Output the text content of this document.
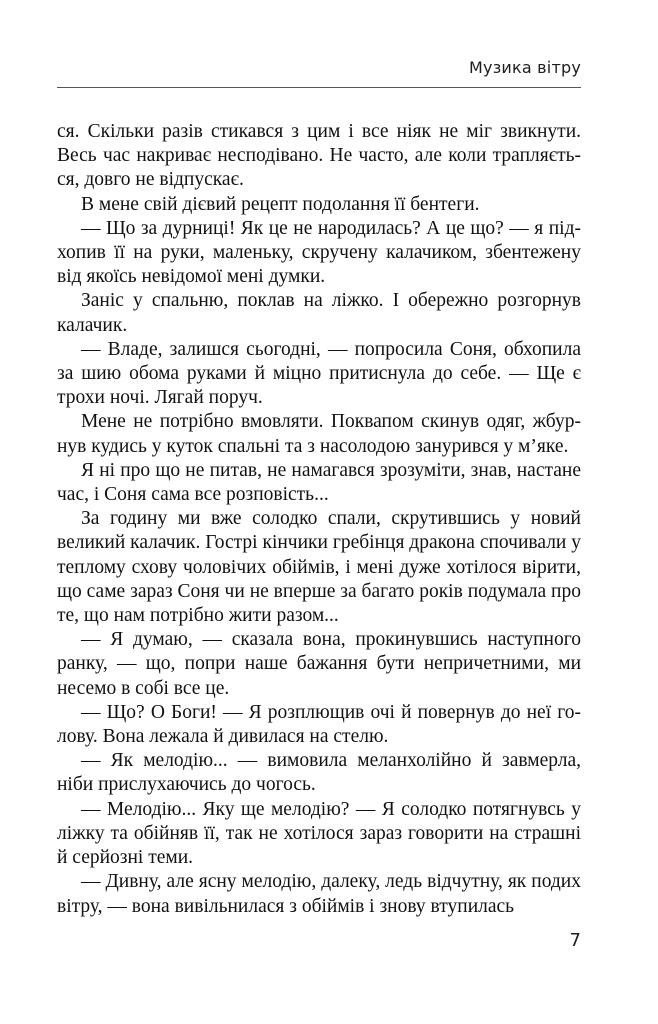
Музика вітру

ся. Скільки разів стикався з цим і все ніяк не міг звикнути. Весь час накриває несподівано. Не часто, але коли трапляється, довго не відпускає.

В мене свій дієвий рецепт подолання її бентеги.

— Що за дурниці! Як це не народилась? А це що? — я підхопив її на руки, маленьку, скручену калачиком, збентежену від якоїсь невідомої мені думки.

Заніс у спальню, поклав на ліжко. І обережно розгорнув калачик.

— Владе, залишся сьогодні, — попросила Соня, обхопила за шию обома руками й міцно притиснула до себе. — Ще є трохи ночі. Лягай поруч.

Мене не потрібно вмовляти. Поквапом скинув одяг, жбурнув кудись у куток спальні та з насолодою занурився у м’яке.

Я ні про що не питав, не намагався зрозуміти, знав, настане час, і Соня сама все розповість...

За годину ми вже солодко спали, скрутившись у новий великий калачик. Гострі кінчики гребінця дракона спочивали у теплому схову чоловічих обіймів, і мені дуже хотілося вірити, що саме зараз Соня чи не вперше за багато років подумала про те, що нам потрібно жити разом...

— Я думаю, — сказала вона, прокинувшись наступного ранку, — що, попри наше бажання бути непричетними, ми несемо в собі все це.

— Що? О Боги! — Я розплющив очі й повернув до неї голову. Вона лежала й дивилася на стелю.

— Як мелодію... — вимовила меланхолійно й завмерла, ніби прислухаючись до чогось.

— Мелодію... Яку ще мелодію? — Я солодко потягнувсь у ліжку та обійняв її, так не хотілося зараз говорити на страшні й серйозні теми.

— Дивну, але ясну мелодію, далеку, ледь відчутну, як подих вітру, — вона вивільнилася з обіймів і знову втупилась

7
